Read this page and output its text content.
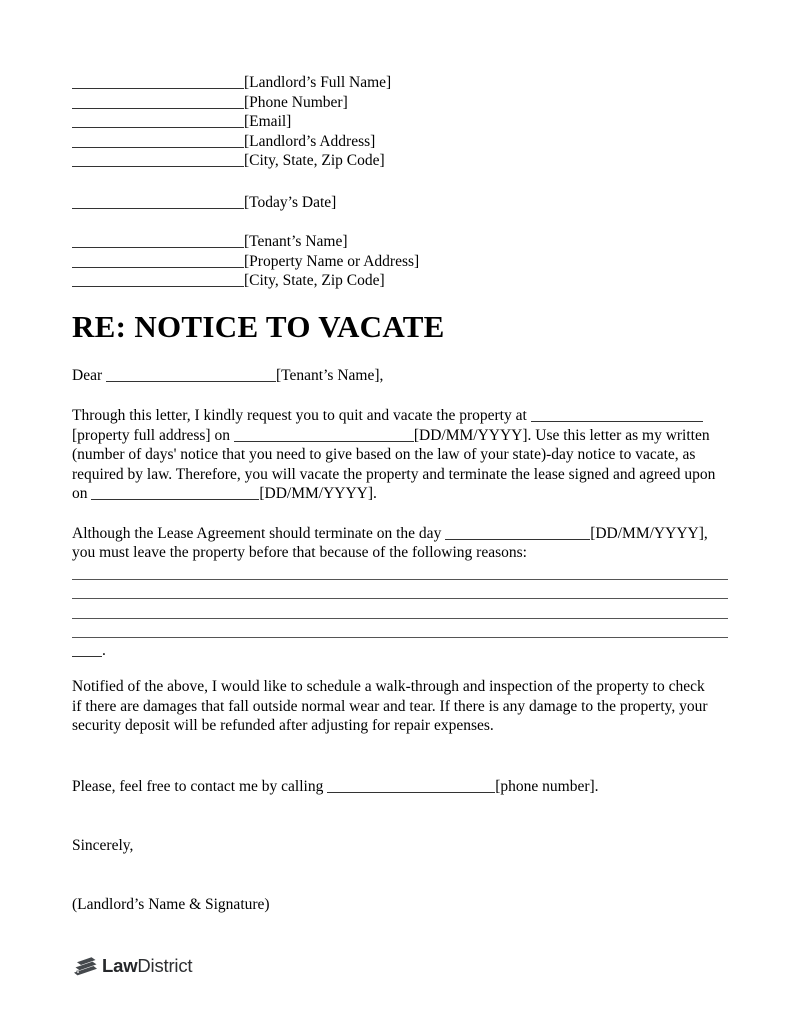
[Landlord’s Full Name]
[Phone Number]
[Email]
[Landlord’s Address]
[City, State, Zip Code]
[Today’s Date]
[Tenant’s Name]
[Property Name or Address]
[City, State, Zip Code]
RE: NOTICE TO VACATE
Dear	[Tenant’s Name],
Through this letter, I kindly request you to quit and vacate the property at
[property full address] on	[DD/MM/YYYY]. Use this letter as my written
(number of days' notice that you need to give based on the law of your state)-day notice to vacate, as
required by law. Therefore, you will vacate the property and terminate the lease signed and agreed upon
on	[DD/MM/YYYY].
Although the Lease Agreement should terminate on the day	[DD/MM/YYYY],
you must leave the property before that because of the following reasons:
.
Notified of the above, I would like to schedule a walk-through and inspection of the property to check
if there are damages that fall outside normal wear and tear. If there is any damage to the property, your
security deposit will be refunded after adjusting for repair expenses.
Please, feel free to contact me by calling	[phone number].
Sincerely,
(Landlord’s Name & Signature)
LawDistrict
